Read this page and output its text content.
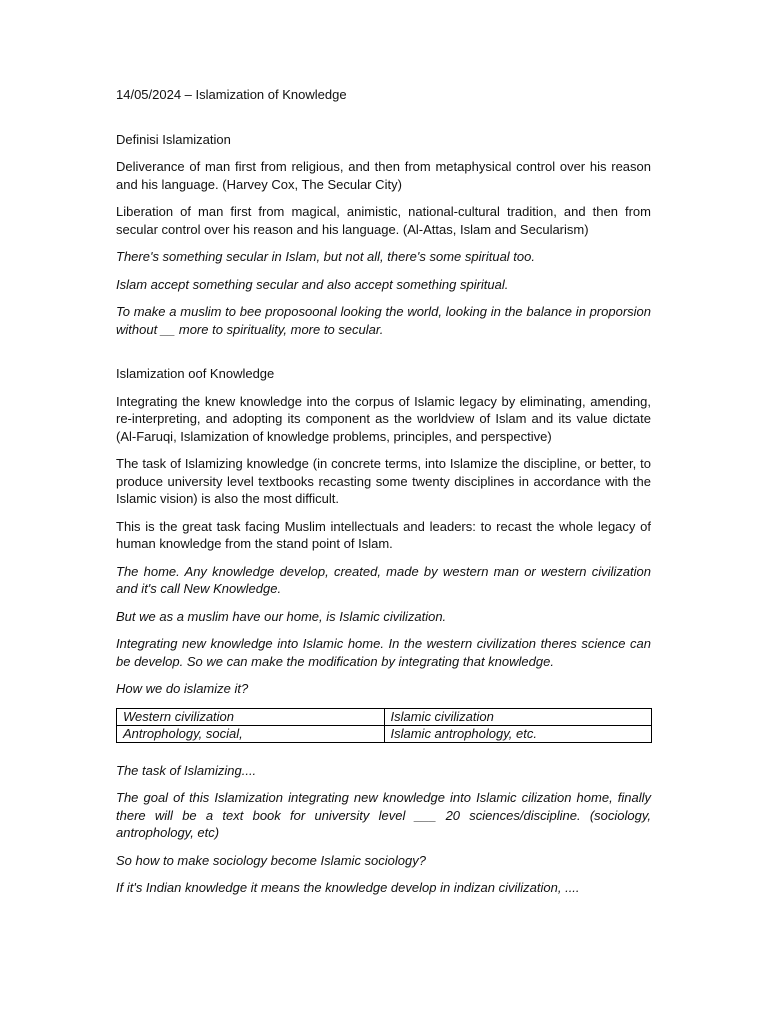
14/05/2024 – Islamization of Knowledge

Definisi Islamization

Deliverance of man first from religious, and then from metaphysical control over his reason and his language. (Harvey Cox, The Secular City)

Liberation of man first from magical, animistic, national-cultural tradition, and then from secular control over his reason and his language. (Al-Attas, Islam and Secularism)

There's something secular in Islam, but not all, there's some spiritual too.

Islam accept something secular and also accept something spiritual.

To make a muslim to bee proposoonal looking the world, looking in the balance in proporsion without __ more to spirituality, more to secular.

Islamization oof Knowledge

Integrating the knew knowledge into the corpus of Islamic legacy by eliminating, amending, re-interpreting, and adopting its component as the worldview of Islam and its value dictate (Al-Faruqi, Islamization of knowledge problems, principles, and perspective)

The task of Islamizing knowledge (in concrete terms, into Islamize the discipline, or better, to produce university level textbooks recasting some twenty disciplines in accordance with the Islamic vision) is also the most difficult.

This is the great task facing Muslim intellectuals and leaders: to recast the whole legacy of human knowledge from the stand point of Islam.

The home. Any knowledge develop, created, made by western man or western civilization and it's call New Knowledge.

But we as a muslim have our home, is Islamic civilization.

Integrating new knowledge into Islamic home. In the western civilization theres science can be develop. So we can make the modification by integrating that knowledge.

How we do islamize it?

Western civilization	Islamic civilization
Antrophology, social,	Islamic antrophology, etc.

The task of Islamizing....

The goal of this Islamization integrating new knowledge into Islamic cilization home, finally there will be a text book for university level ___ 20 sciences/discipline. (sociology, antrophology, etc)

So how to make sociology become Islamic sociology?

If it's Indian knowledge it means the knowledge develop in indizan civilization, ....
